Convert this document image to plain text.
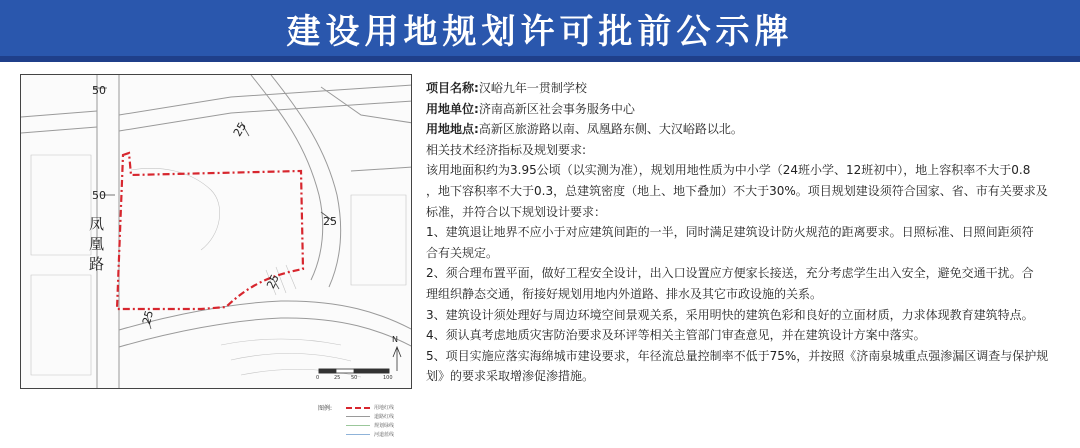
建设用地规划许可批前公示牌
50
25
50
25
25
25
凤
凰
路
N
0	25 50	100
图例:	用地红线
道路红线
规划绿线
河道蓝线

项目名称:汉峪九年一贯制学校

用地单位:济南高新区社会事务服务中心

用地地点:高新区旅游路以南、凤凰路东侧、大汉峪路以北。

相关技术经济指标及规划要求:

该用地面积约为3.95公顷（以实测为准），规划用地性质为中小学（24班小学、12班初中），地上容积率不大于0.8

，地下容积率不大于0.3，总建筑密度（地上、地下叠加）不大于30%。项目规划建设须符合国家、省、市有关要求及

标准，并符合以下规划设计要求：

1、建筑退让地界不应小于对应建筑间距的一半，同时满足建筑设计防火规范的距离要求。日照标准、日照间距须符

合有关规定。

2、须合理布置平面，做好工程安全设计，出入口设置应方便家长接送，充分考虑学生出入安全，避免交通干扰。合

理组织静态交通，衔接好规划用地内外道路、排水及其它市政设施的关系。

3、建筑设计须处理好与周边环境空间景观关系，采用明快的建筑色彩和良好的立面材质，力求体现教育建筑特点。

4、须认真考虑地质灾害防治要求及环评等相关主管部门审查意见，并在建筑设计方案中落实。

5、项目实施应落实海绵城市建设要求，年径流总量控制率不低于75%，并按照《济南泉城重点强渗漏区调查与保护规

划》的要求采取增渗促渗措施。
